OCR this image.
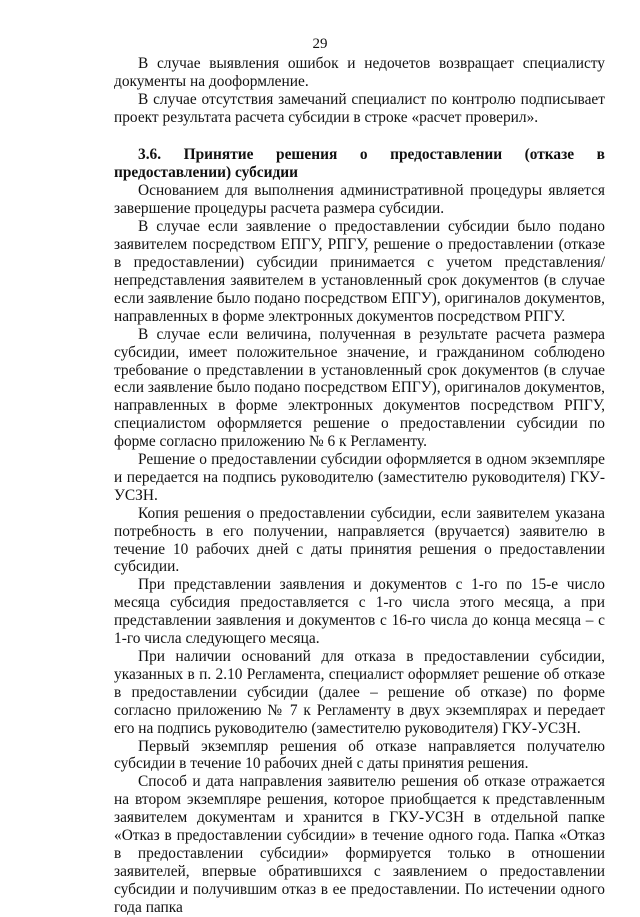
29

В случае выявления ошибок и недочетов возвращает специалисту документы на дооформление.

В случае отсутствия замечаний специалист по контролю подписывает проект результата расчета субсидии в строке «расчет проверил».

3.6. Принятие решения о предоставлении (отказе в предоставлении) субсидии

Основанием для выполнения административной процедуры является завершение процедуры расчета размера субсидии.

В случае если заявление о предоставлении субсидии было подано заявителем посредством ЕПГУ, РПГУ, решение о предоставлении (отказе в предоставлении) субсидии принимается с учетом представления/непредставления заявителем в установленный срок документов (в случае если заявление было подано посредством ЕПГУ), оригиналов документов, направленных в форме электронных документов посредством РПГУ.

В случае если величина, полученная в результате расчета размера субсидии, имеет положительное значение, и гражданином соблюдено требование о представлении в установленный срок документов (в случае если заявление было подано посредством ЕПГУ), оригиналов документов, направленных в форме электронных документов посредством РПГУ, специалистом оформляется решение о предоставлении субсидии по форме согласно приложению № 6 к Регламенту.

Решение о предоставлении субсидии оформляется в одном экземпляре и передается на подпись руководителю (заместителю руководителя) ГКУ-УСЗН.

Копия решения о предоставлении субсидии, если заявителем указана потребность в его получении, направляется (вручается) заявителю в течение 10 рабочих дней с даты принятия решения о предоставлении субсидии.

При представлении заявления и документов с 1-го по 15-е число месяца субсидия предоставляется с 1-го числа этого месяца, а при представлении заявления и документов с 16-го числа до конца месяца – с 1-го числа следующего месяца.

При наличии оснований для отказа в предоставлении субсидии, указанных в п. 2.10 Регламента, специалист оформляет решение об отказе в предоставлении субсидии (далее – решение об отказе) по форме согласно приложению № 7 к Регламенту в двух экземплярах и передает его на подпись руководителю (заместителю руководителя) ГКУ-УСЗН.

Первый экземпляр решения об отказе направляется получателю субсидии в течение 10 рабочих дней с даты принятия решения.

Способ и дата направления заявителю решения об отказе отражается на втором экземпляре решения, которое приобщается к представленным заявителем документам и хранится в ГКУ-УСЗН в отдельной папке «Отказ в предоставлении субсидии» в течение одного года. Папка «Отказ в предоставлении субсидии» формируется только в отношении заявителей, впервые обратившихся с заявлением о предоставлении субсидии и получившим отказ в ее предоставлении. По истечении одного года папка
